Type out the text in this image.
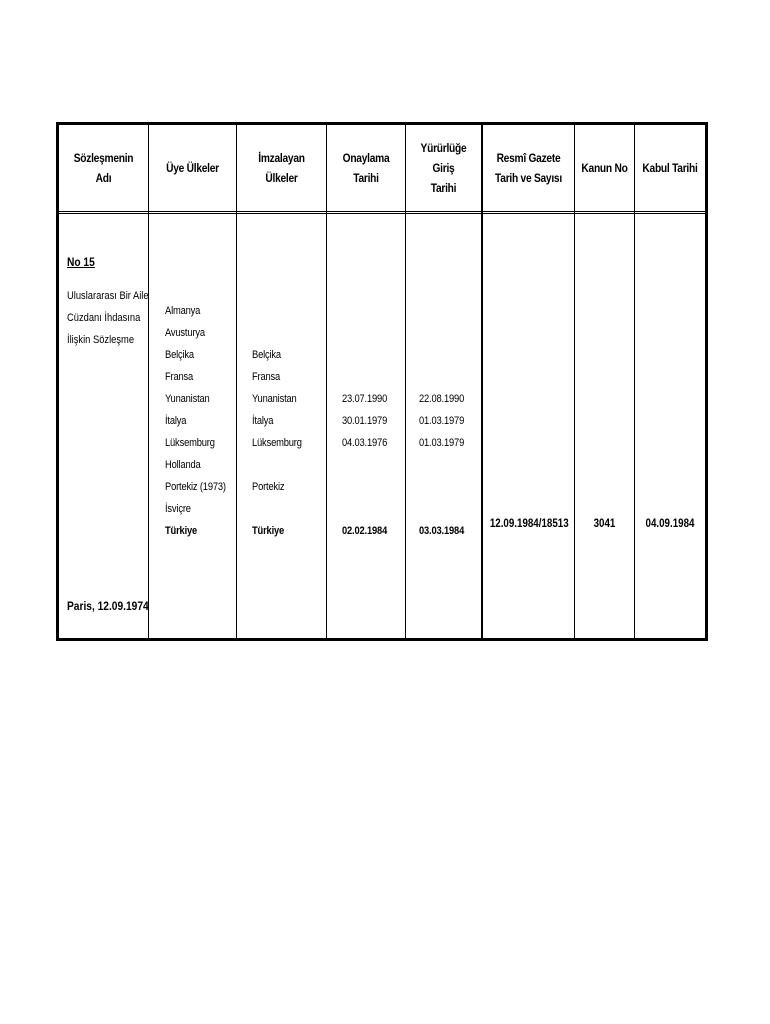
Sözleşmenin Adı
Üye Ülkeler
İmzalayan Ülkeler
Onaylama
Tarihi
Yürürlüğe Giriş
Tarihi
Resmî Gazete
Tarih ve Sayısı
Kanun No Kabul Tarihi
No 15
Uluslararası Bir Aile
Cüzdanı İhdasına
İlişkin Sözleşme
Paris, 12.09.1974
Almanya
Avusturya
Belçika
Fransa
Yunanistan
İtalya
Lüksemburg
Hollanda
Portekiz (1973)
İsviçre
Türkiye
Belçika
Fransa
Yunanistan
İtalya
Lüksemburg
Portekiz
Türkiye
23.07.1990
30.01.1979
04.03.1976
02.02.1984
22.08.1990
01.03.1979
01.03.1979
03.03.1984
12.09.1984/18513	3041	04.09.1984
